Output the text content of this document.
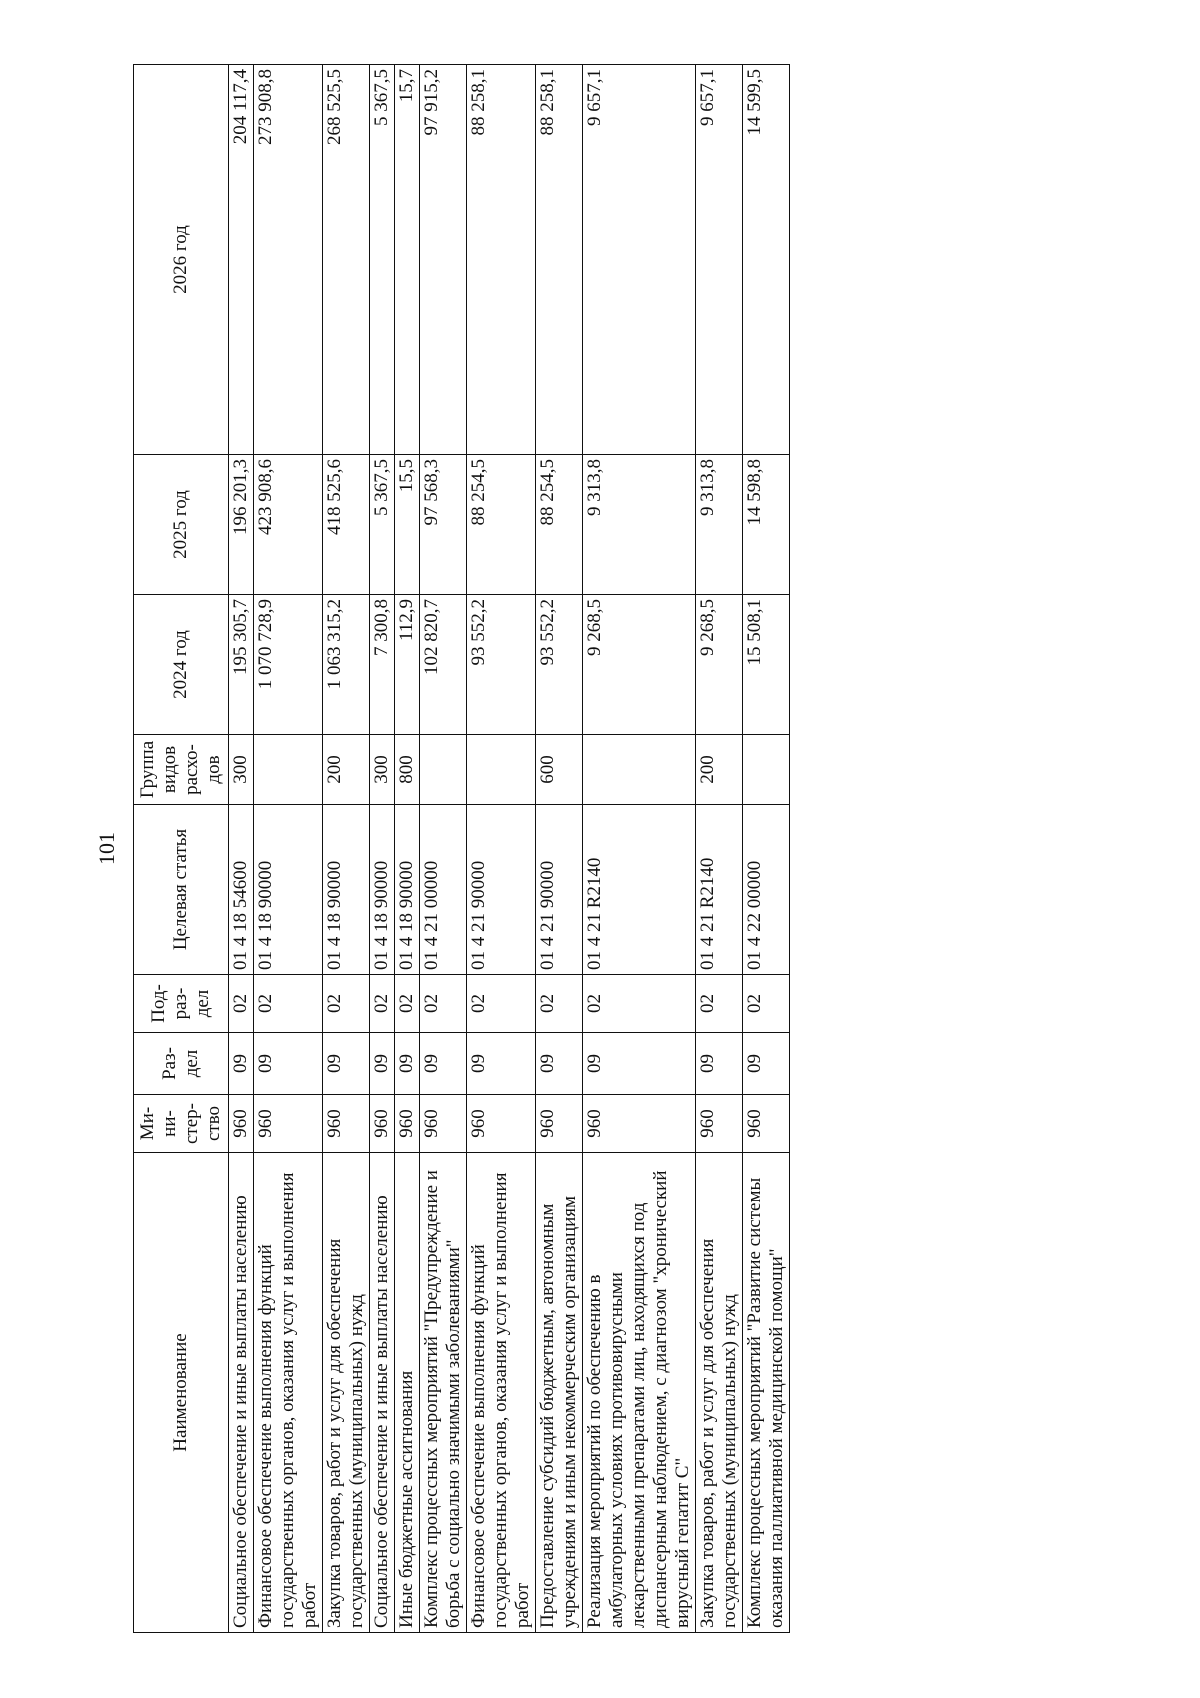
101
Наименование	Ми-ни-стер-ство	Раз-дел	Под-раз-дел	Целевая статья	Группа видов расхо-дов	2024 год	2025 год	2026 год
Социальное обеспечение и иные выплаты населению	960	09	02	01 4 18 54600	300	195 305,7	196 201,3	204 117,4
Финансовое обеспечение выполнения функций государственных органов, оказания услуг и выполнения работ	960	09	02	01 4 18 90000		1 070 728,9	423 908,6	273 908,8
Закупка товаров, работ и услуг для обеспечения государственных (муниципальных) нужд	960	09	02	01 4 18 90000	200	1 063 315,2	418 525,6	268 525,5
Социальное обеспечение и иные выплаты населению	960	09	02	01 4 18 90000	300	7 300,8	5 367,5	5 367,5
Иные бюджетные ассигнования	960	09	02	01 4 18 90000	800	112,9	15,5	15,7
Комплекс процессных мероприятий "Предупреждение и борьба с социально значимыми заболеваниями"	960	09	02	01 4 21 00000		102 820,7	97 568,3	97 915,2
Финансовое обеспечение выполнения функций государственных органов, оказания услуг и выполнения работ	960	09	02	01 4 21 90000		93 552,2	88 254,5	88 258,1
Предоставление субсидий бюджетным, автономным учреждениям и иным некоммерческим организациям	960	09	02	01 4 21 90000	600	93 552,2	88 254,5	88 258,1
Реализация мероприятий по обеспечению в амбулаторных условиях противовирусными лекарственными препаратами лиц, находящихся под диспансерным наблюдением, с диагнозом "хронический вирусный гепатит С"	960	09	02	01 4 21 R2140		9 268,5	9 313,8	9 657,1
Закупка товаров, работ и услуг для обеспечения государственных (муниципальных) нужд	960	09	02	01 4 21 R2140	200	9 268,5	9 313,8	9 657,1
Комплекс процессных мероприятий "Развитие системы оказания паллиативной медицинской помощи"	960	09	02	01 4 22 00000		15 508,1	14 598,8	14 599,5
